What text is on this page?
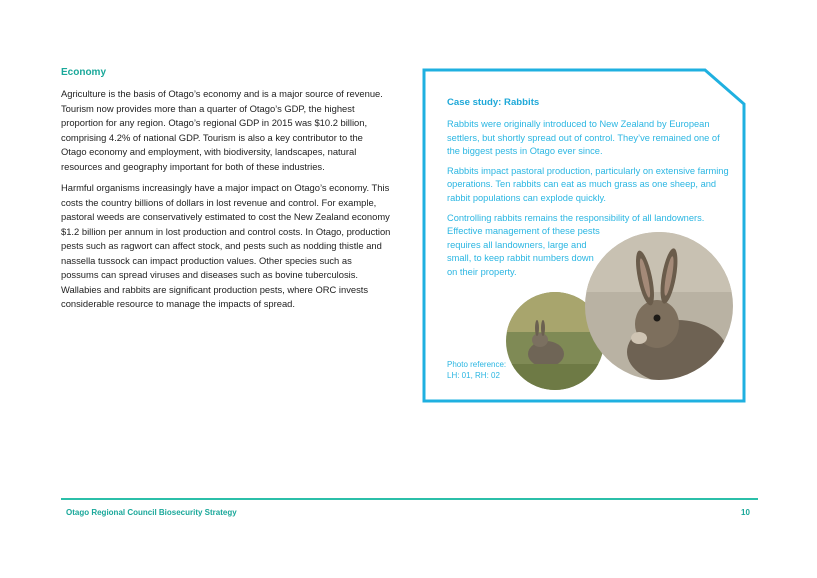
Economy

Agriculture is the basis of Otago’s economy and is a major source of revenue. Tourism now provides more than a quarter of Otago’s GDP, the highest proportion for any region. Otago’s regional GDP in 2015 was $10.2 billion, comprising 4.2% of national GDP. Tourism is also a key contributor to the Otago economy and employment, with biodiversity, landscapes, natural resources and geography important for both of these industries.

Harmful organisms increasingly have a major impact on Otago’s economy. This costs the country billions of dollars in lost revenue and control. For example, pastoral weeds are conservatively estimated to cost the New Zealand economy $1.2 billion per annum in lost production and control costs. In Otago, production pests such as ragwort can affect stock, and pests such as nodding thistle and nassella tussock can impact production values. Other species such as possums can spread viruses and diseases such as bovine tuberculosis. Wallabies and rabbits are significant production pests, where ORC invests considerable resource to manage the impacts of spread.

Case study: Rabbits

Rabbits were originally introduced to New Zealand by European settlers, but shortly spread out of control. They’ve remained one of the biggest pests in Otago ever since.

Rabbits impact pastoral production, particularly on extensive farming operations. Ten rabbits can eat as much grass as one sheep, and rabbit populations can explode quickly.

Controlling rabbits remains the responsibility of all landowners.

Effective management of these pests requires all landowners, large and small, to keep rabbit numbers down on their property.

Photo reference: LH: 01, RH: 02
Otago Regional Council Biosecurity Strategy	10
